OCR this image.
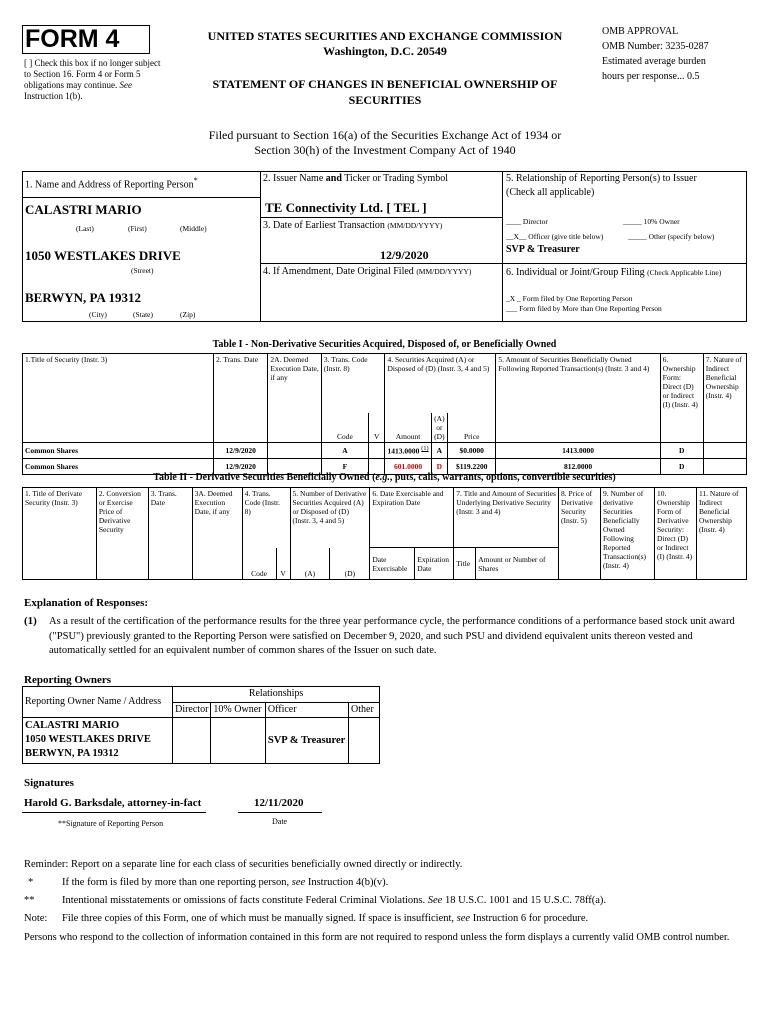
FORM 4
[ ] Check this box if no longer subject to Section 16. Form 4 or Form 5 obligations may continue. See Instruction 1(b).
UNITED STATES SECURITIES AND EXCHANGE COMMISSION
Washington, D.C. 20549
STATEMENT OF CHANGES IN BENEFICIAL OWNERSHIP OF SECURITIES
OMB APPROVAL
OMB Number: 3235-0287
Estimated average burden
hours per response... 0.5
Filed pursuant to Section 16(a) of the Securities Exchange Act of 1934 or
Section 30(h) of the Investment Company Act of 1940
1. Name and Address of Reporting Person*
CALASTRI MARIO
(Last)	(First)	(Middle)
1050 WESTLAKES DRIVE
(Street)
BERWYN, PA 19312
(City)	(State)	(Zip)
2. Issuer Name and Ticker or Trading Symbol
TE Connectivity Ltd. [ TEL ]
3. Date of Earliest Transaction (MM/DD/YYYY)
12/9/2020
4. If Amendment, Date Original Filed (MM/DD/YYYY)
5. Relationship of Reporting Person(s) to Issuer
(Check all applicable)
____ Director	_____ 10% Owner
__X__ Officer (give title below)	_____ Other (specify below)
SVP & Treasurer
6. Individual or Joint/Group Filing (Check Applicable Line)
_X _ Form filed by One Reporting Person
___ Form filed by More than One Reporting Person
Table I - Non-Derivative Securities Acquired, Disposed of, or Beneficially Owned
1.Title of Security (Instr. 3)	2. Trans. Date	2A. Deemed Execution Date, if any	3. Trans. Code (Instr. 8)		4. Securities Acquired (A) or Disposed of (D) (Instr. 3, 4 and 5)			5. Amount of Securities Beneficially Owned Following Reported Transaction(s) (Instr. 3 and 4)	6. Ownership Form: Direct (D) or Indirect (I) (Instr. 4)	7. Nature of Indirect Beneficial Ownership (Instr. 4)
			Code	V	Amount	(A) or (D)	Price			
Common Shares	12/9/2020		A		1413.0000 $^{(1)}$	A	$0.0000	1413.0000	D	
Common Shares	12/9/2020		F		601.0000	D	$119.2200	812.0000	D	
Table II - Derivative Securities Beneficially Owned (e.g., puts, calls, warrants, options, convertible securities)
1. Title of Derivate Security (Instr. 3)	2. Conversion or Exercise Price of Derivative Security	3. Trans. Date	3A. Deemed Execution Date, if any	4. Trans. Code (Instr. 8)		5. Number of Derivative Securities Acquired (A) or Disposed of (D) (Instr. 3, 4 and 5)		6. Date Exercisable and Expiration Date		7. Title and Amount of Securities Underlying Derivative Security (Instr. 3 and 4)		8. Price of Derivative Security (Instr. 5)	9. Number of derivative Securities Beneficially Owned Following Reported Transaction(s) (Instr. 4)	10. Ownership Form of Derivative Security: Direct (D) or Indirect (I) (Instr. 4)	11. Nature of Indirect Beneficial Ownership (Instr. 4)
				Code	V	(A)	(D)	Date Exercisable	Expiration Date	Title	Amount or Number of Shares				
Explanation of Responses:
(1) As a result of the certification of the performance results for the three year performance cycle, the performance conditions of a performance based stock unit award ("PSU") previously granted to the Reporting Person were satisfied on December 9, 2020, and such PSU and dividend equivalent units thereon vested and automatically settled for an equivalent number of common shares of the Issuer on such date.
Reporting Owners
Reporting Owner Name / Address	Relationships			
	Director	10% Owner	Officer	Other

CALASTRI MARIO
1050 WESTLAKES DRIVE
BERWYN, PA 19312			SVP & Treasurer	
Signatures
Harold G. Barksdale, attorney-in-fact	12/11/2020
**Signature of Reporting Person	Date
Reminder: Report on a separate line for each class of securities beneficially owned directly or indirectly.
*	If the form is filed by more than one reporting person, see Instruction 4(b)(v).
**	Intentional misstatements or omissions of facts constitute Federal Criminal Violations. See 18 U.S.C. 1001 and 15 U.S.C. 78ff(a).
Note: File three copies of this Form, one of which must be manually signed. If space is insufficient, see Instruction 6 for procedure.
Persons who respond to the collection of information contained in this form are not required to respond unless the form displays a currently valid OMB control number.
